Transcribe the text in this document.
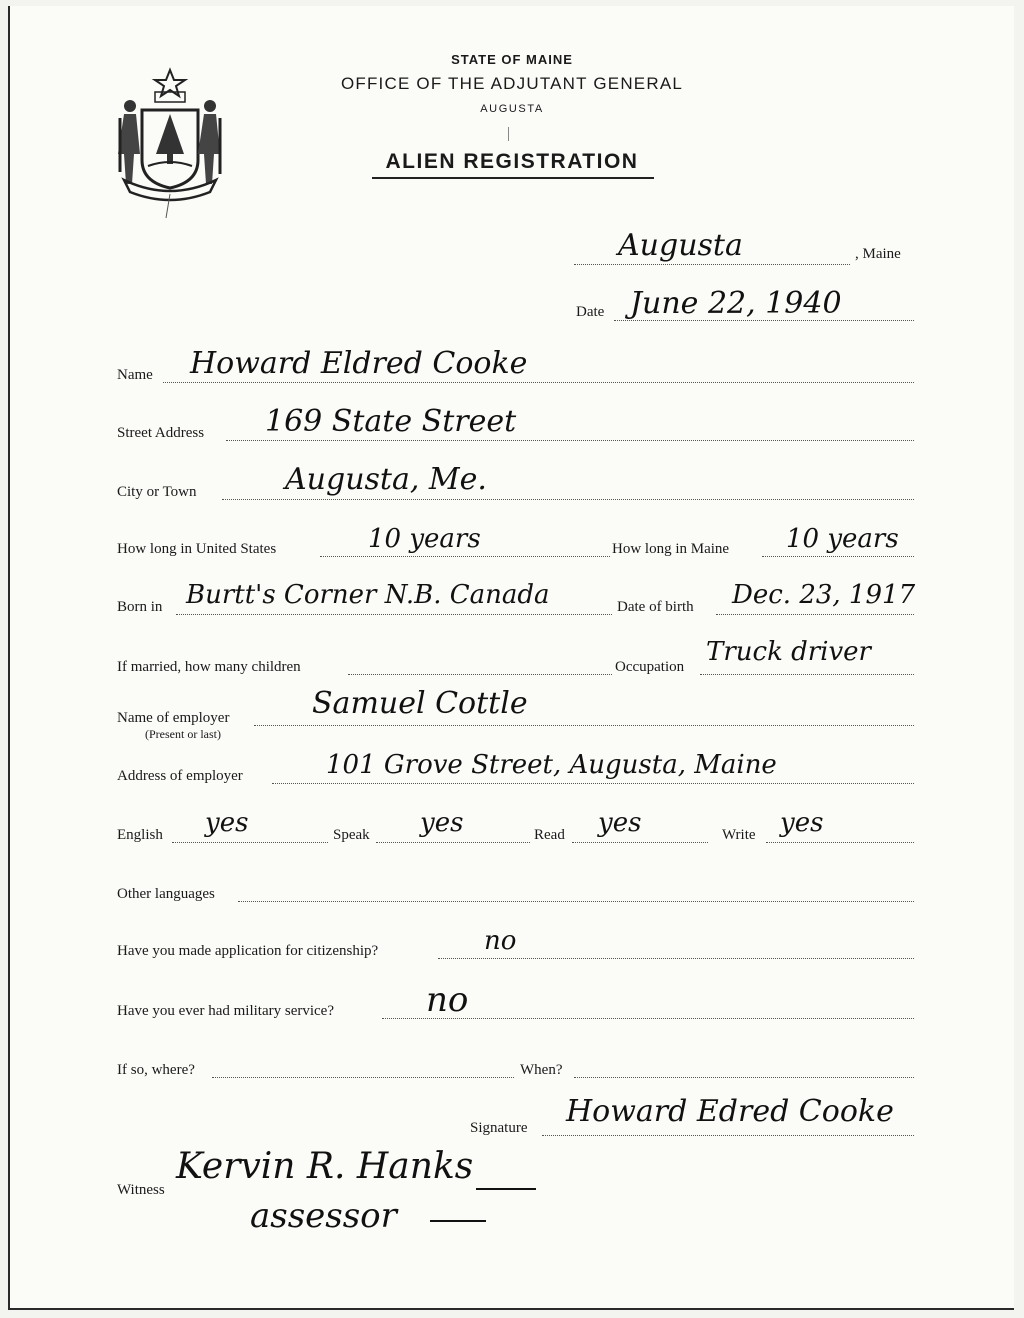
STATE OF MAINE
OFFICE OF THE ADJUTANT GENERAL
AUGUSTA
ALIEN REGISTRATION
Augusta	, Maine
Date June 22, 1940
Name Howard Eldred Cooke
Street Address 169 State Street
City or Town	Augusta, Me.
How long in United States	10 years	How long in Maine 10 years
Born in Burtt's Corner N.B. Canada	Date of birth Dec. 23, 1917
If married, how many children	Occupation Truck driver
Name of employer
(Present or last)
Samuel Cottle
Address of employer	101 Grove Street, Augusta, Maine
English yes	Speak yes	Read yes	Write yes
Other languages
Have you made application for citizenship?	no
Have you ever had military service?	no
If so, where?	When?
Signature Howard Edred Cooke
Witness
Kervin R. Hanks
assessor
